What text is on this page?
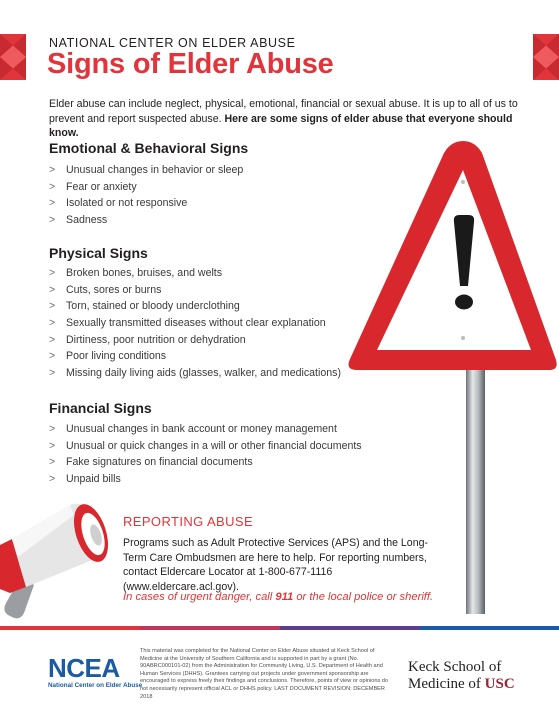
NATIONAL CENTER ON ELDER ABUSE
Signs of Elder Abuse
Elder abuse can include neglect, physical, emotional, financial or sexual abuse. It is up to all of us to prevent and report suspected abuse. Here are some signs of elder abuse that everyone should know.
Emotional & Behavioral Signs
> Unusual changes in behavior or sleep
> Fear or anxiety
> Isolated or not responsive
> Sadness
Physical Signs
> Broken bones, bruises, and welts
> Cuts, sores or burns
> Torn, stained or bloody underclothing
> Sexually transmitted diseases without clear explanation
> Dirtiness, poor nutrition or dehydration
> Poor living conditions
> Missing daily living aids (glasses, walker, and medications)
Financial Signs
> Unusual changes in bank account or money management
> Unusual or quick changes in a will or other financial documents
> Fake signatures on financial documents
> Unpaid bills
REPORTING ABUSE
Programs such as Adult Protective Services (APS) and the Long-Term Care Ombudsmen are here to help. For reporting numbers, contact Eldercare Locator at 1-800-677-1116 (www.eldercare.acl.gov).
In cases of urgent danger, call 911 or the local police or sheriff.
NCEA
National Center on Elder Abuse
This material was completed for the National Center on Elder Abuse situated at Keck School of Medicine at the University of Southern California and is supported in part by a grant (No. 90ABRC000101-02) from the Administration for Community Living, U.S. Department of Health and Human Services (DHHS). Grantees carrying out projects under government sponsorship are encouraged to express freely their findings and conclusions. Therefore, points of view or opinions do not necessarily represent official ACL or DHHS policy. LAST DOCUMENT REVISION: DECEMBER 2018
Keck School of
Medicine of USC
